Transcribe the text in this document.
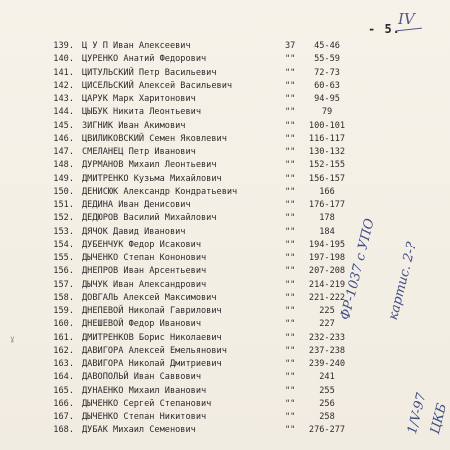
- 5.
IV
ɣ
139. Ц У П Иван Алексеевич	37	45-46
140. ЦУРЕНКО Анатий Федорович	""	55-59
141. ЦИТУЛЬСКИЙ Петр Васильевич	""	72-73
142. ЦИСЕЛЬСКИЙ Алексей Васильевич	""	60-63
143. ЦАРУК Марк Харитонович	""	94-95
144. ЦЫБУК Никита Леонтьевич	""	79
145. ЗИГНИК Иван Акимович	""	100-101
146. ЦВИЛИКОВСКИЙ Семен Яковлевич	""	116-117
147. СМЕЛАНЕЦ Петр Иванович	""	130-132
148. ДУРМАНОВ Михаил Леонтьевич	""	152-155
149. ДМИТРЕНКО Кузьма Михайлович	""	156-157
150. ДЕНИСЮК Александр Кондратьевич	""	166
151. ДЕДИНА Иван Денисович	""	176-177
152. ДЕДЮРОВ Василий Михайлович	""	178
153. ДЯЧОК Давид Иванович	""	184
154. ДУБЕНЧУК Федор Исакович	""	194-195
155. ДЫЧЕНКО Степан Кононович	""	197-198
156. ДНЕПРОВ Иван Арсентьевич	""	207-208
157. ДЫЧУК Иван Александрович	""	214-219
158. ДОВГАЛЬ Алексей Максимович	""	221-222
159. ДНЕПЕВОЙ Николай Гаврилович	""	225
160. ДНЕШЕВОЙ Федор Иванович	""	227
161. ДМИТРЕНКОВ Борис Николаевич	""	232-233
162. ДАВИГОРА Алексей Емельянович	""	237-238
163. ДАВИГОРА Николай Дмитриевич	""	239-240
164. ДАВОПОЛЬЙ Иван Саввович	""	241
165. ДУНАЕНКО Михаил Иванович	""	255
166. ДЫЧЕНКО Сергей Степанович	""	256
167. ДЫЧЕНКО Степан Никитович	""	258
168. ДУБАК Михаил Семенович	""	276-277
ФР-1037 с УПО картис. 2-?
1/V-97
ЦКБ
